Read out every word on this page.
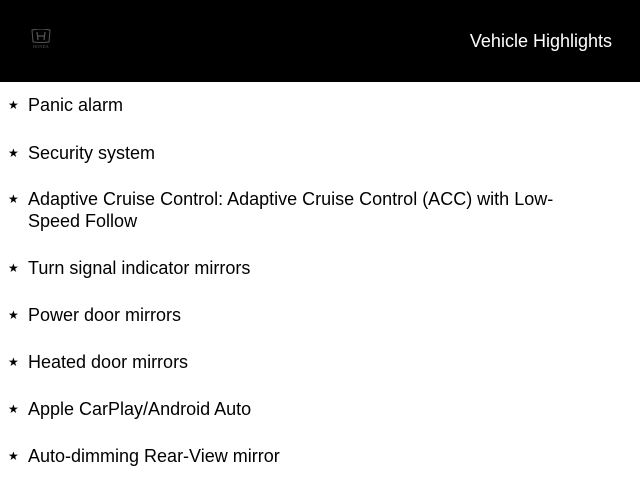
HONDA	Vehicle Highlights
★ Panic alarm
★ Security system
★ Adaptive Cruise Control: Adaptive Cruise Control (ACC) with Low-Speed Follow
★ Turn signal indicator mirrors
★ Power door mirrors
★ Heated door mirrors
★ Apple CarPlay/Android Auto
★ Auto-dimming Rear-View mirror
